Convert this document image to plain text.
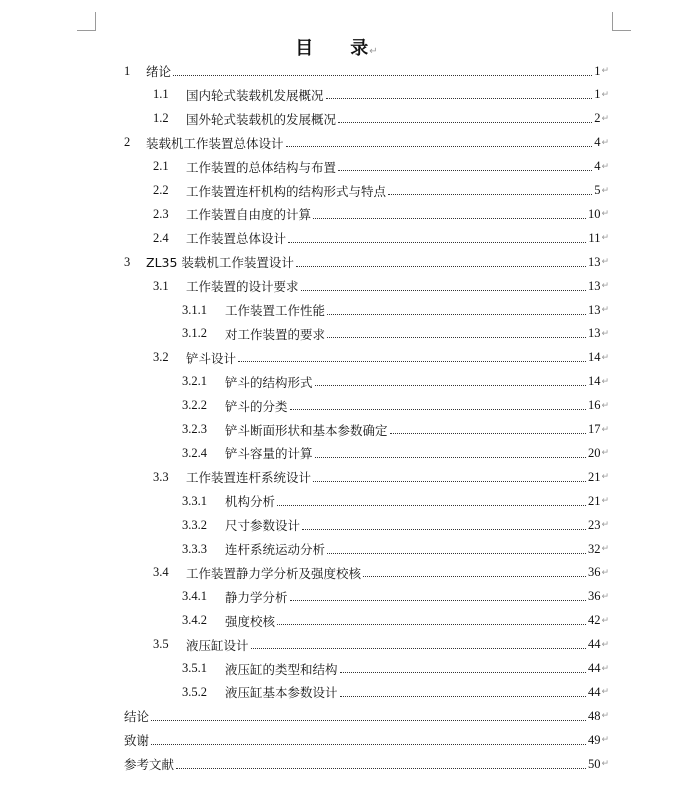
目 录↵
1	绪论	1 ↵
1.1	国内轮式装载机发展概况	1 ↵
1.2	国外轮式装载机的发展概况	2 ↵
2	装载机工作装置总体设计	4 ↵
2.1	工作装置的总体结构与布置	4 ↵
2.2	工作装置连杆机构的结构形式与特点	5 ↵
2.3	工作装置自由度的计算	10 ↵
2.4	工作装置总体设计	11 ↵
3	ZL35 装载机工作装置设计	13 ↵
3.1	工作装置的设计要求	13 ↵
3.1.1	工作装置工作性能	13 ↵
3.1.2	对工作装置的要求	13 ↵
3.2	铲斗设计	14 ↵
3.2.1	铲斗的结构形式	14 ↵
3.2.2	铲斗的分类	16 ↵
3.2.3	铲斗断面形状和基本参数确定	17 ↵
3.2.4	铲斗容量的计算	20 ↵
3.3	工作装置连杆系统设计	21 ↵
3.3.1	机构分析	21 ↵
3.3.2	尺寸参数设计	23 ↵
3.3.3	连杆系统运动分析	32 ↵
3.4	工作装置静力学分析及强度校核	36 ↵
3.4.1	静力学分析	36 ↵
3.4.2	强度校核	42 ↵
3.5	液压缸设计	44 ↵
3.5.1	液压缸的类型和结构	44 ↵
3.5.2	液压缸基本参数设计	44 ↵
结论	48 ↵
致谢	49 ↵
参考文献	50 ↵
